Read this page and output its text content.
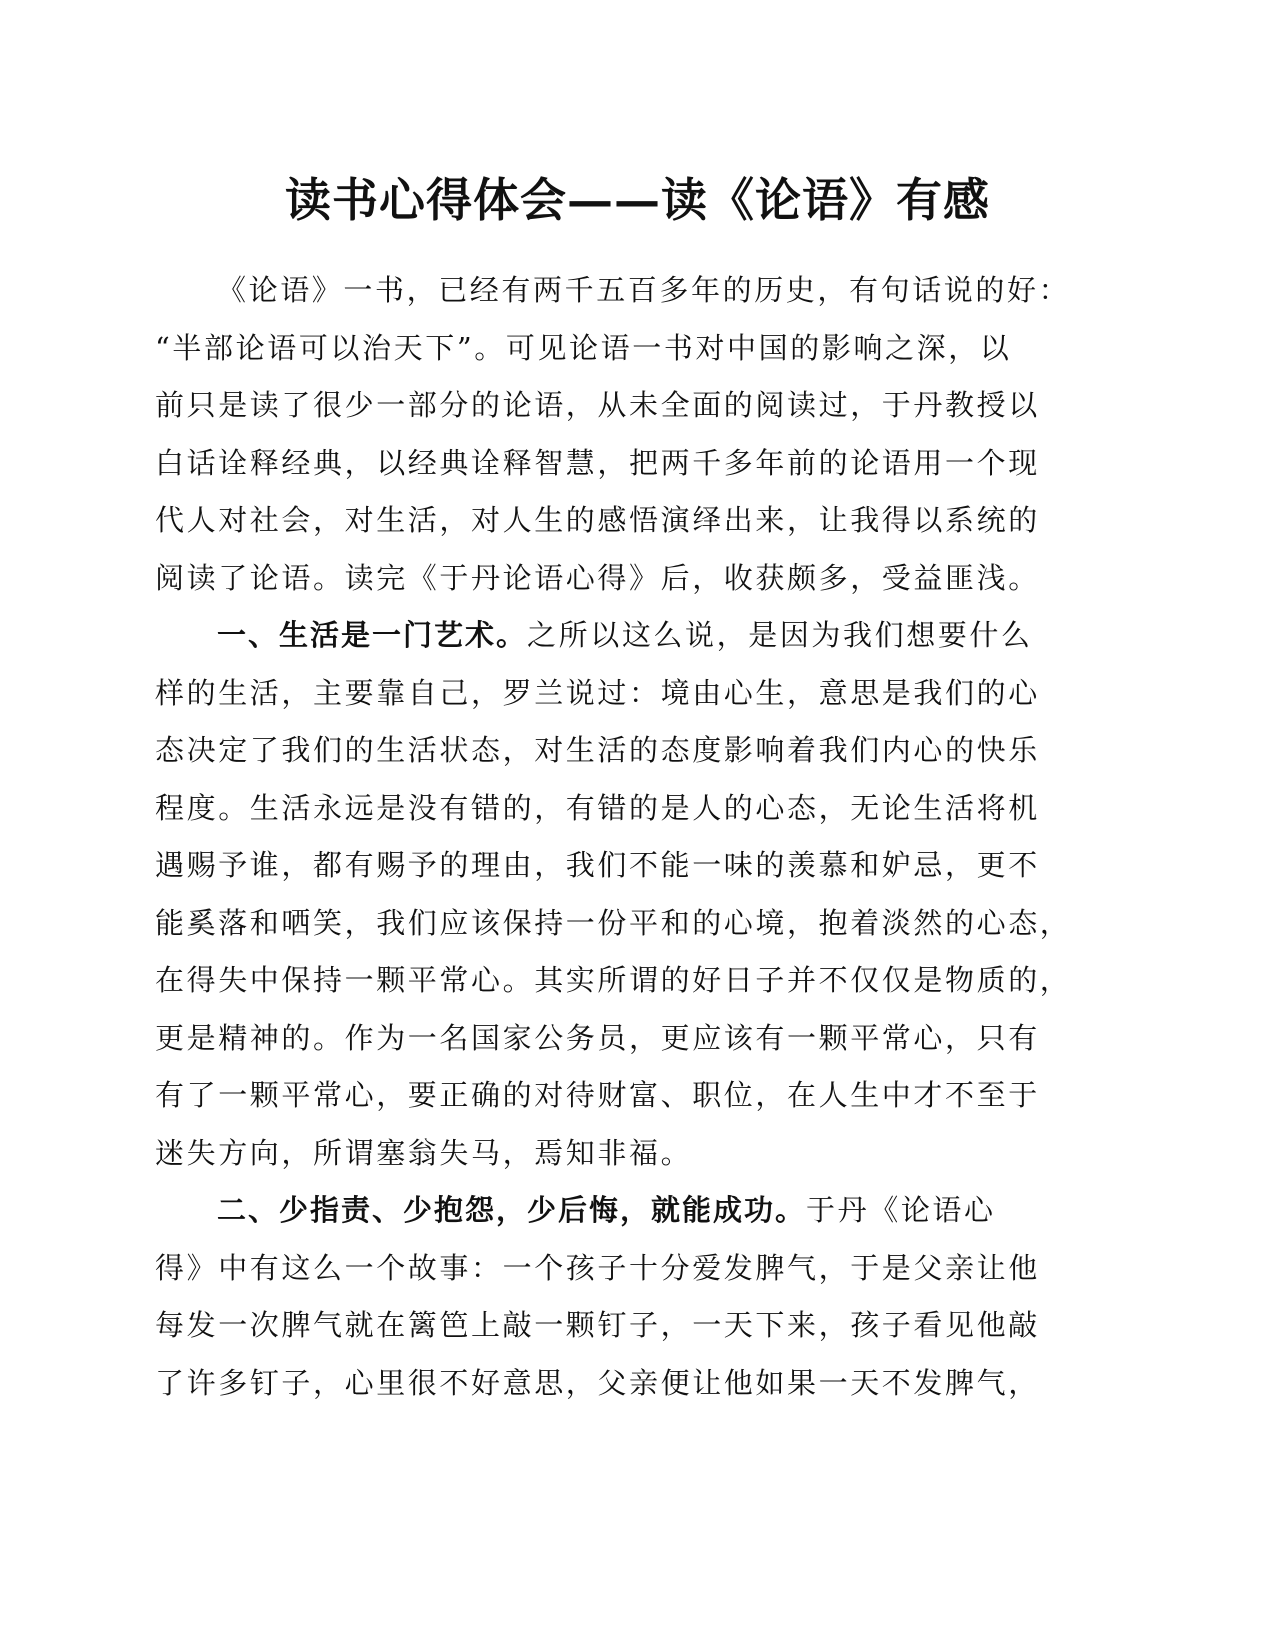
读书心得体会——读《论语》有感
《论语》一书，已经有两千五百多年的历史，有句话说的好：
“半部论语可以治天下”。可见论语一书对中国的影响之深，以
前只是读了很少一部分的论语，从未全面的阅读过，于丹教授以
白话诠释经典，以经典诠释智慧，把两千多年前的论语用一个现
代人对社会，对生活，对人生的感悟演绎出来，让我得以系统的
阅读了论语。读完《于丹论语心得》后，收获颇多，受益匪浅。
一、生活是一门艺术。之所以这么说，是因为我们想要什么
样的生活，主要靠自己，罗兰说过：境由心生，意思是我们的心
态决定了我们的生活状态，对生活的态度影响着我们内心的快乐
程度。生活永远是没有错的，有错的是人的心态，无论生活将机
遇赐予谁，都有赐予的理由，我们不能一味的羡慕和妒忌，更不
能奚落和哂笑，我们应该保持一份平和的心境，抱着淡然的心态，
在得失中保持一颗平常心。其实所谓的好日子并不仅仅是物质的，
更是精神的。作为一名国家公务员，更应该有一颗平常心，只有
有了一颗平常心，要正确的对待财富、职位，在人生中才不至于
迷失方向，所谓塞翁失马，焉知非福。
二、少指责、少抱怨，少后悔，就能成功。于丹《论语心
得》中有这么一个故事：一个孩子十分爱发脾气，于是父亲让他
每发一次脾气就在篱笆上敲一颗钉子，一天下来，孩子看见他敲
了许多钉子，心里很不好意思，父亲便让他如果一天不发脾气，
